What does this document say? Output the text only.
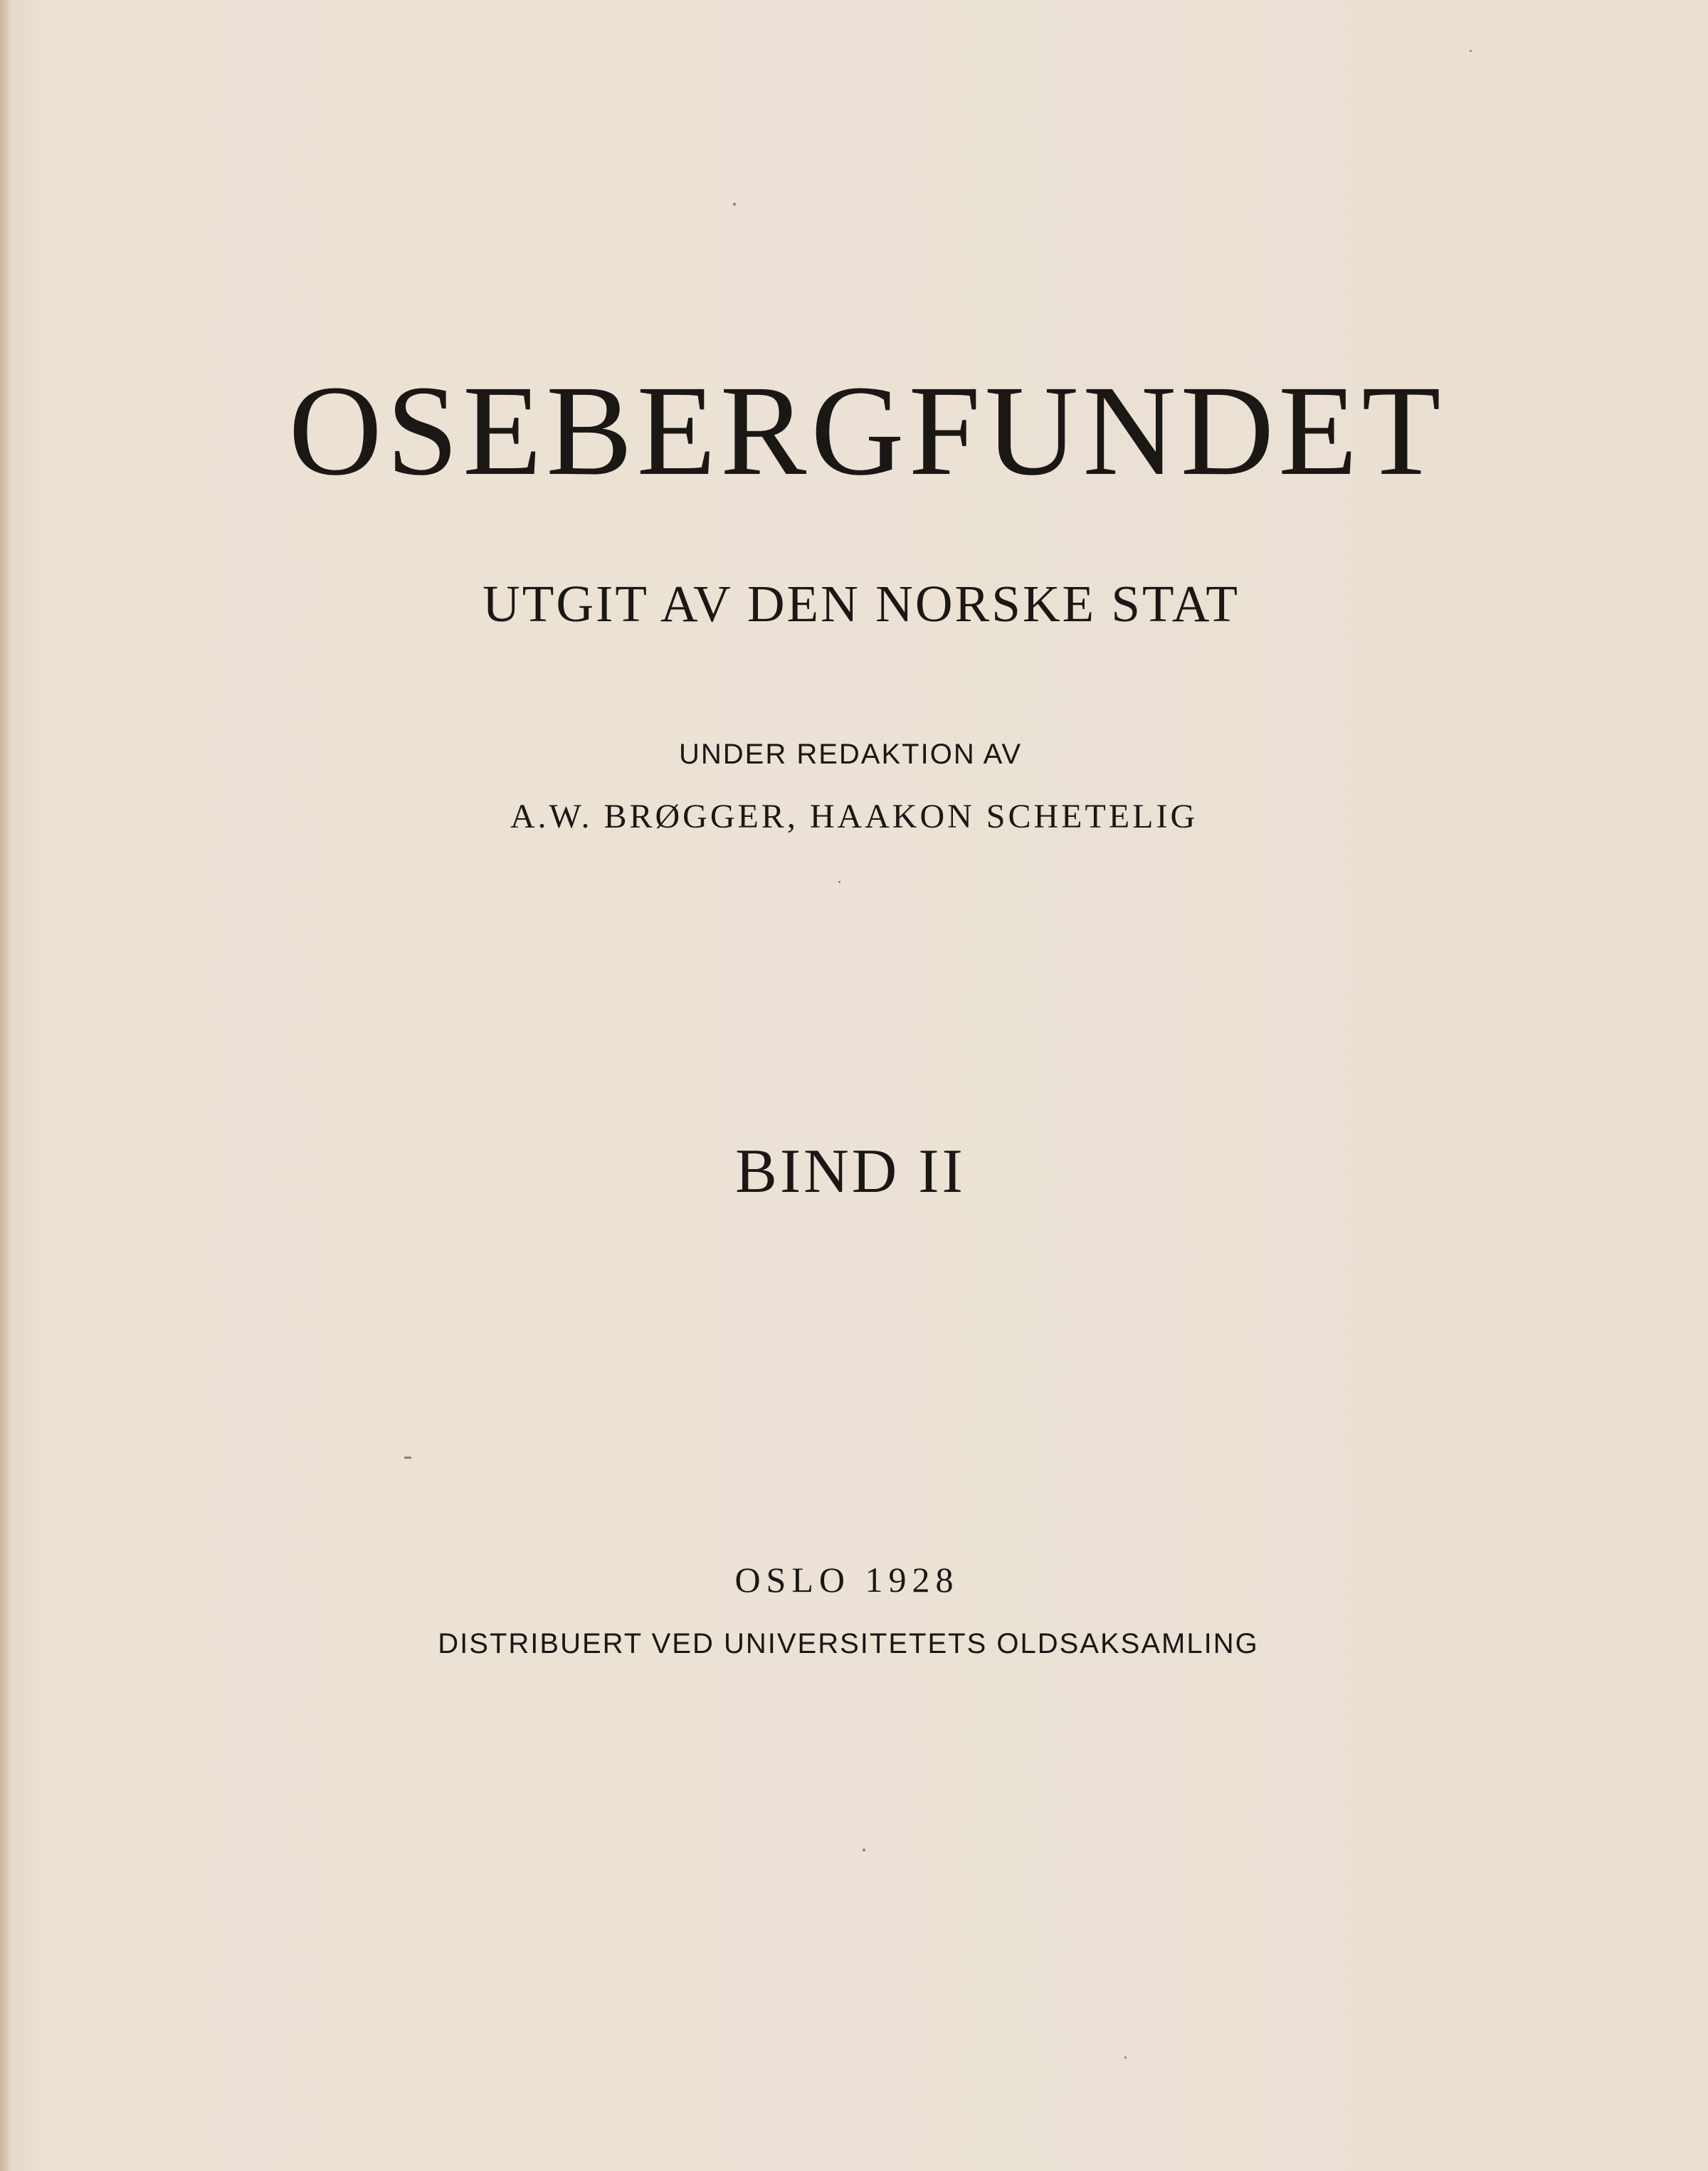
OSEBERGFUNDET

UTGIT AV DEN NORSKE STAT

UNDER REDAKTION AV

A.W. BRØGGER, HAAKON SCHETELIG

BIND II

OSLO 1928

DISTRIBUERT VED UNIVERSITETETS OLDSAKSAMLING
